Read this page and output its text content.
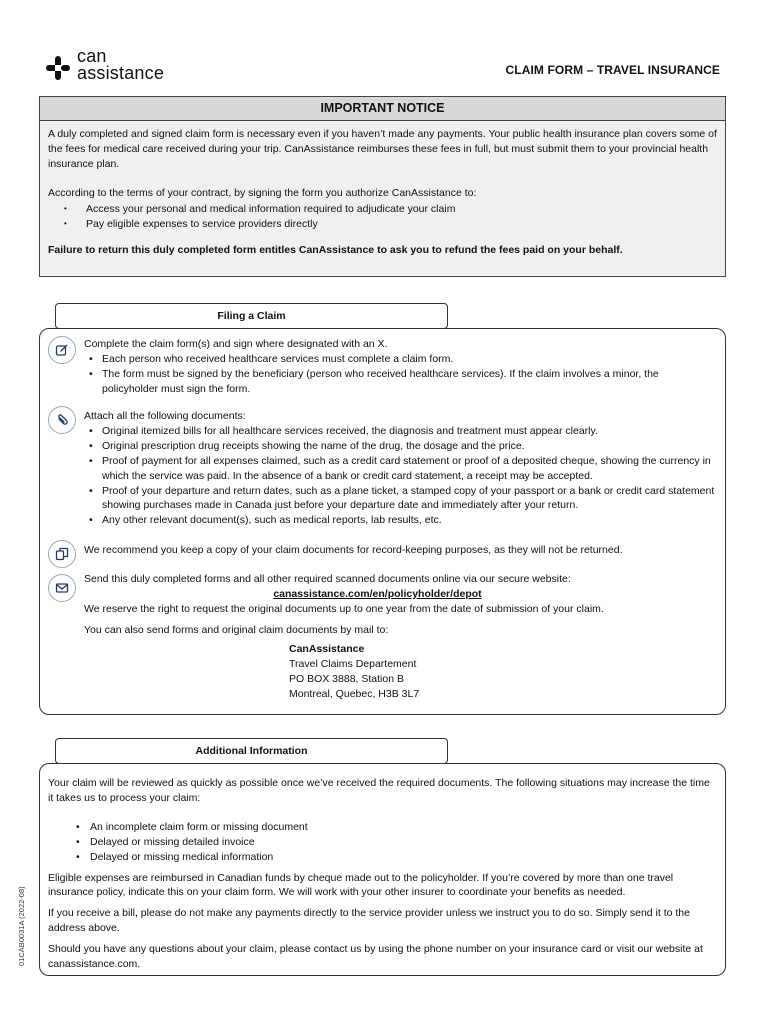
can
assistance	CLAIM FORM – TRAVEL INSURANCE
IMPORTANT NOTICE

A duly completed and signed claim form is necessary even if you haven’t made any payments. Your public health insurance plan covers some of the fees for medical care received during your trip. CanAssistance reimburses these fees in full, but must submit them to your provincial health insurance plan.

According to the terms of your contract, by signing the form you authorize CanAssistance to:

• Access your personal and medical information required to adjudicate your claim
• Pay eligible expenses to service providers directly

Failure to return this duly completed form entitles CanAssistance to ask you to refund the fees paid on your behalf.

Filing a Claim
Complete the claim form(s) and sign where designated with an X.
• Each person who received healthcare services must complete a claim form.
• The form must be signed by the beneficiary (person who received healthcare services). If the claim involves a minor, the policyholder must sign the form.
Attach all the following documents:
• Original itemized bills for all healthcare services received, the diagnosis and treatment must appear clearly.
• Original prescription drug receipts showing the name of the drug, the dosage and the price.
• Proof of payment for all expenses claimed, such as a credit card statement or proof of a deposited cheque, showing the currency in which the service was paid. In the absence of a bank or credit card statement, a receipt may be accepted.
• Proof of your departure and return dates, such as a plane ticket, a stamped copy of your passport or a bank or credit card statement showing purchases made in Canada just before your departure date and immediately after your return.
• Any other relevant document(s), such as medical reports, lab results, etc.
We recommend you keep a copy of your claim documents for record-keeping purposes, as they will not be returned.
Send this duly completed forms and all other required scanned documents online via our secure website:
canassistance.com/en/policyholder/depot
We reserve the right to request the original documents up to one year from the date of submission of your claim.
You can also send forms and original claim documents by mail to:
CanAssistance
Travel Claims Departement
PO BOX 3888, Station B
Montreal, Quebec, H3B 3L7
Additional Information

Your claim will be reviewed as quickly as possible once we’ve received the required documents. The following situations may increase the time it takes us to process your claim:

• An incomplete claim form or missing document
• Delayed or missing detailed invoice
• Delayed or missing medical information

Eligible expenses are reimbursed in Canadian funds by cheque made out to the policyholder. If you’re covered by more than one travel insurance policy, indicate this on your claim form. We will work with your other insurer to coordinate your benefits as needed.

If you receive a bill, please do not make any payments directly to the service provider unless we instruct you to do so. Simply send it to the address above.

Should you have any questions about your claim, please contact us by using the phone number on your insurance card or visit our website at canassistance.com.

01CAB0031A (2022-08)
